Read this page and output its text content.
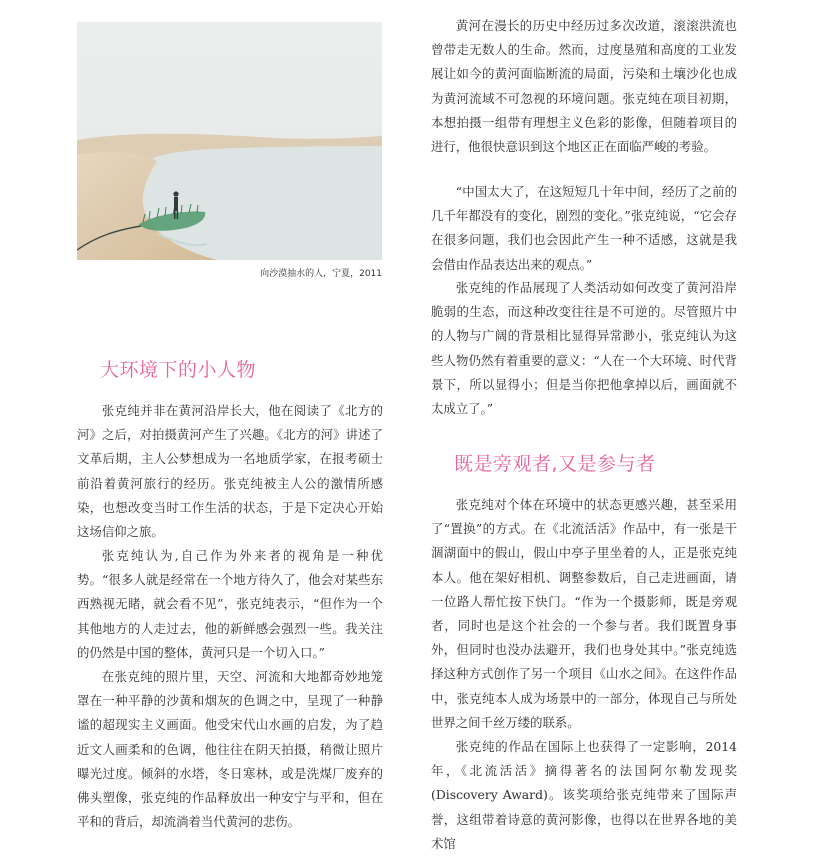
向沙漠抽水的人，宁夏，2011
大环境下的小人物

张克纯并非在黄河沿岸长大，他在阅读了《北方的河》之后，对拍摄黄河产生了兴趣。《北方的河》讲述了文革后期，主人公梦想成为一名地质学家，在报考硕士前沿着黄河旅行的经历。张克纯被主人公的激情所感染，也想改变当时工作生活的状态，于是下定决心开始这场信仰之旅。

张克纯认为,自己作为外来者的视角是一种优势。“很多人就是经常在一个地方待久了，他会对某些东西熟视无睹，就会看不见”，张克纯表示，“但作为一个其他地方的人走过去，他的新鲜感会强烈一些。我关注的仍然是中国的整体，黄河只是一个切入口。”

在张克纯的照片里，天空、河流和大地都奇妙地笼罩在一种平静的沙黄和烟灰的色调之中，呈现了一种静谧的超现实主义画面。他受宋代山水画的启发，为了趋近文人画柔和的色调，他往往在阴天拍摄，稍微让照片曝光过度。倾斜的水塔，冬日寒林，或是洗煤厂废弃的佛头塑像，张克纯的作品释放出一种安宁与平和，但在平和的背后，却流淌着当代黄河的悲伤。

黄河在漫长的历史中经历过多次改道，滚滚洪流也曾带走无数人的生命。然而，过度垦殖和高度的工业发展让如今的黄河面临断流的局面，污染和土壤沙化也成为黄河流域不可忽视的环境问题。张克纯在项目初期，本想拍摄一组带有理想主义色彩的影像，但随着项目的进行，他很快意识到这个地区正在面临严峻的考验。

“中国太大了，在这短短几十年中间，经历了之前的几千年都没有的变化，剧烈的变化。”张克纯说，“它会存在很多问题，我们也会因此产生一种不适感，这就是我会借由作品表达出来的观点。”

张克纯的作品展现了人类活动如何改变了黄河沿岸脆弱的生态，而这种改变往往是不可逆的。尽管照片中的人物与广阔的背景相比显得异常渺小，张克纯认为这些人物仍然有着重要的意义：“人在一个大环境、时代背景下，所以显得小；但是当你把他拿掉以后，画面就不太成立了。”

既是旁观者,又是参与者

张克纯对个体在环境中的状态更感兴趣，甚至采用了“置换”的方式。在《北流活活》作品中，有一张是干涸湖面中的假山，假山中亭子里坐着的人，正是张克纯本人。他在架好相机、调整参数后，自己走进画面，请一位路人帮忙按下快门。“作为一个摄影师，既是旁观者，同时也是这个社会的一个参与者。我们既置身事外，但同时也没办法避开，我们也身处其中。”张克纯选择这种方式创作了另一个项目《山水之间》。在这件作品中，张克纯本人成为场景中的一部分，体现自己与所处世界之间千丝万缕的联系。

张克纯的作品在国际上也获得了一定影响，2014年，《北流活活》摘得著名的法国阿尔勒发现奖(Discovery Award)。该奖项给张克纯带来了国际声誉，这组带着诗意的黄河影像，也得以在世界各地的美术馆
